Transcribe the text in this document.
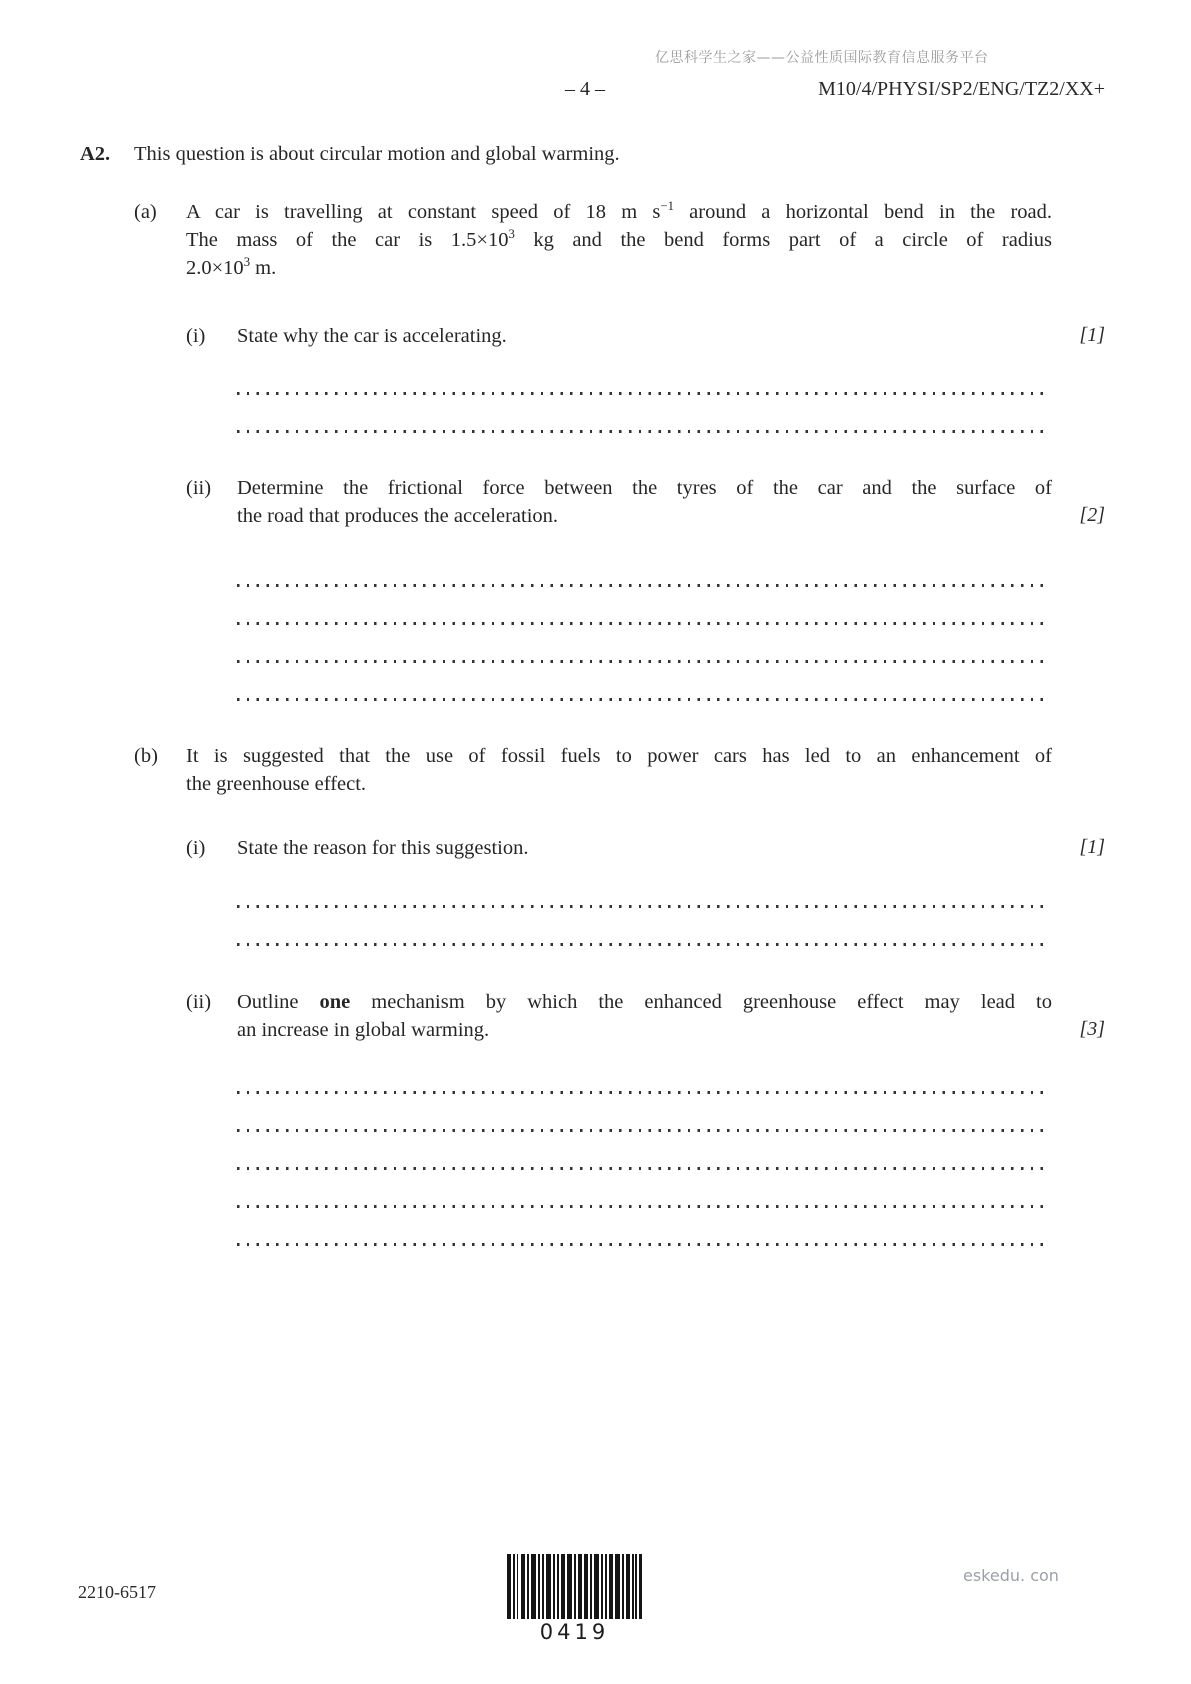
亿思科学生之家——公益性质国际教育信息服务平台
– 4 –	M10/4/PHYSI/SP2/ENG/TZ2/XX+
A2. This question is about circular motion and global warming.
(a) A car is travelling at constant speed of 18 m $s^{-1}$ around a horizontal bend in the road.
The mass of the car is $1.5\times 10^3$ kg and the bend forms part of a circle of radius
$2.0\times 10^3$ m.
(i) State why the car is accelerating.	[1]
(ii) Determine the frictional force between the tyres of the car and the surface of
the road that produces the acceleration.	[2]
(b) It is suggested that the use of fossil fuels to power cars has led to an enhancement of
the greenhouse effect.
(i) State the reason for this suggestion.	[1]
(ii) Outline one mechanism by which the enhanced greenhouse effect may lead to
an increase in global warming.	[3]
2210-6517
0419
eskedu. con
